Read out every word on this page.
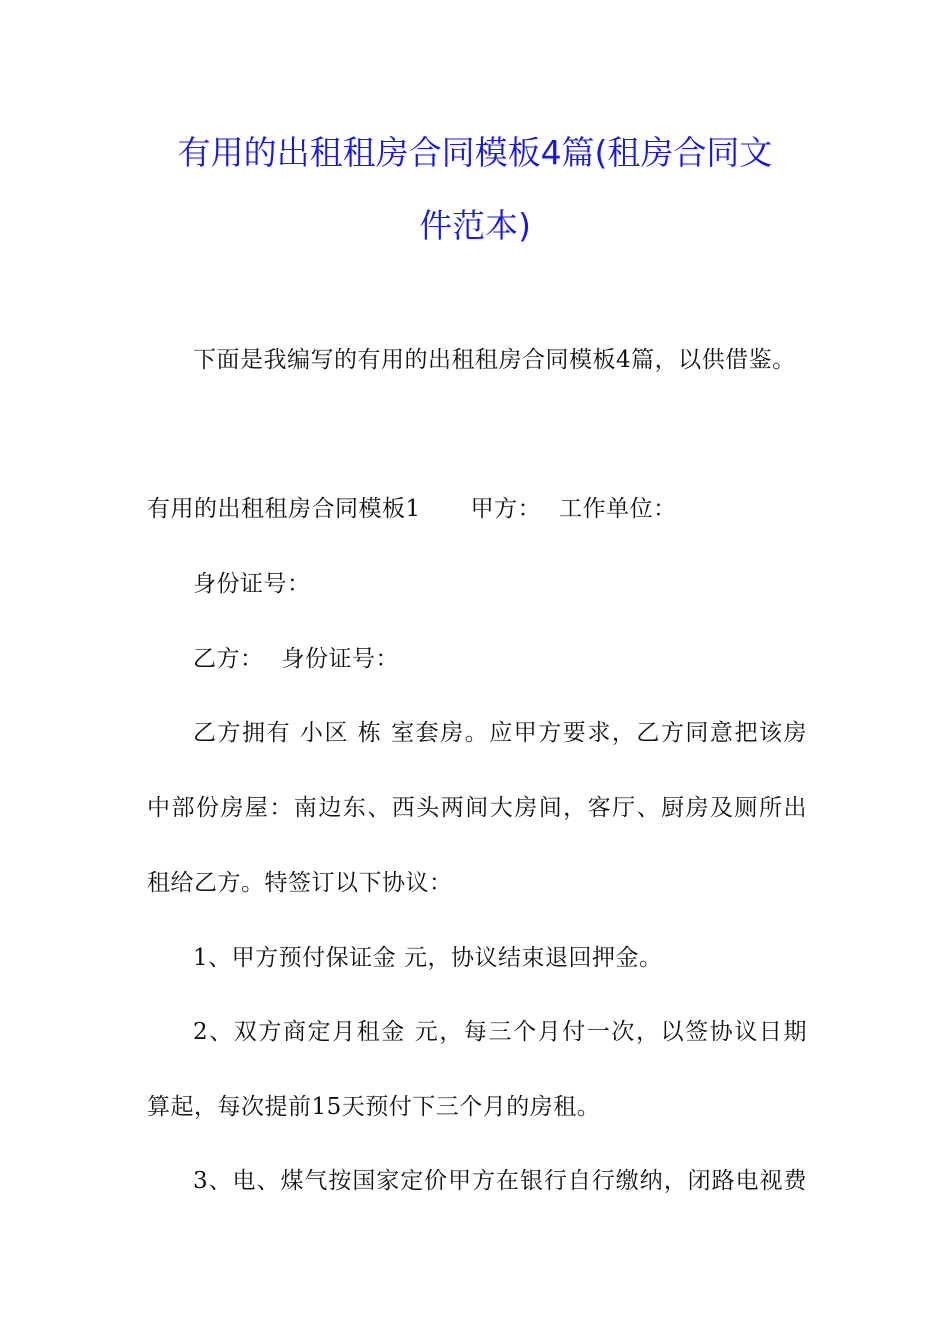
有用的出租租房合同模板4篇(租房合同文
件范本)
下面是我编写的有用的出租租房合同模板4篇，以供借鉴。
有用的出租租房合同模板1 甲方： 工作单位：
身份证号：
乙方： 身份证号：
乙方拥有 小区 栋 室套房。应甲方要求，乙方同意把该房
中部份房屋：南边东、西头两间大房间，客厅、厨房及厕所出
租给乙方。特签订以下协议：
1、甲方预付保证金 元，协议结束退回押金。
2、双方商定月租金 元，每三个月付一次，以签协议日期
算起，每次提前15天预付下三个月的房租。
3、电、煤气按国家定价甲方在银行自行缴纳，闭路电视费
